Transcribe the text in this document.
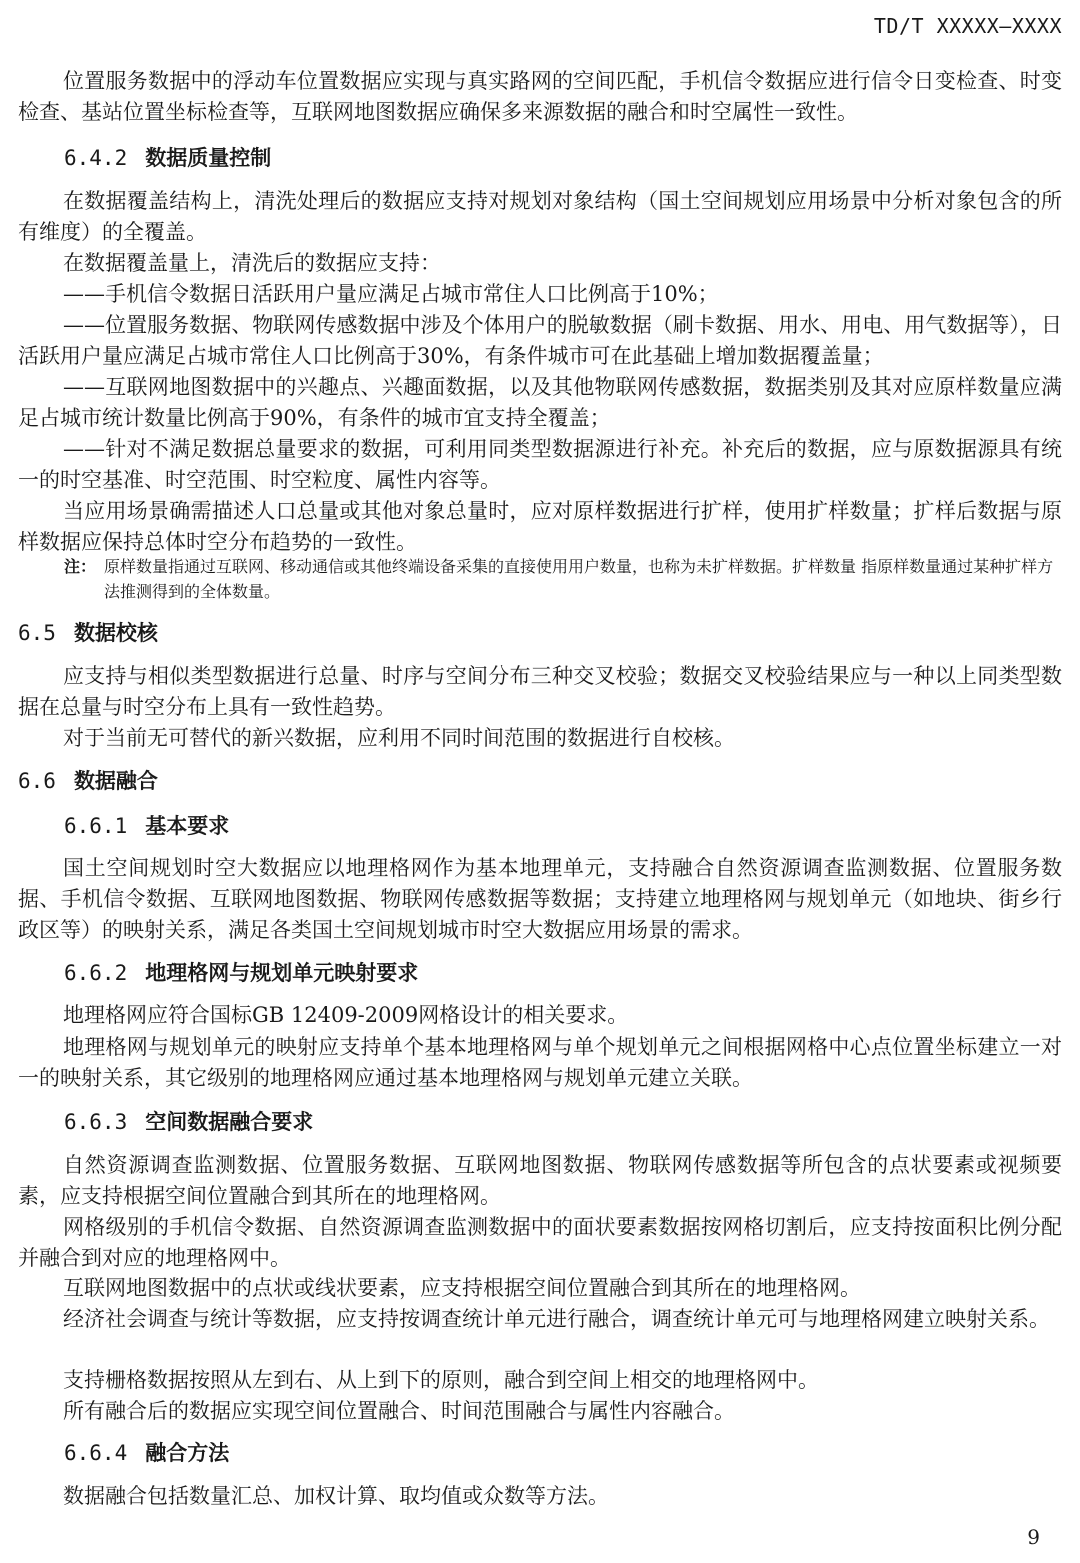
TD/T XXXXX—XXXX
位置服务数据中的浮动车位置数据应实现与真实路网的空间匹配，手机信令数据应进行信令日变检查、时变检查、基站位置坐标检查等，互联网地图数据应确保多来源数据的融合和时空属性一致性。
6.4.2 数据质量控制
在数据覆盖结构上，清洗处理后的数据应支持对规划对象结构（国土空间规划应用场景中分析对象包含的所有维度）的全覆盖。
在数据覆盖量上，清洗后的数据应支持：
——手机信令数据日活跃用户量应满足占城市常住人口比例高于10%；
——位置服务数据、物联网传感数据中涉及个体用户的脱敏数据（刷卡数据、用水、用电、用气数据等），日活跃用户量应满足占城市常住人口比例高于30%，有条件城市可在此基础上增加数据覆盖量；
——互联网地图数据中的兴趣点、兴趣面数据，以及其他物联网传感数据，数据类别及其对应原样数量应满足占城市统计数量比例高于90%，有条件的城市宜支持全覆盖；
——针对不满足数据总量要求的数据，可利用同类型数据源进行补充。补充后的数据，应与原数据源具有统一的时空基准、时空范围、时空粒度、属性内容等。
当应用场景确需描述人口总量或其他对象总量时，应对原样数据进行扩样，使用扩样数量；扩样后数据与原样数据应保持总体时空分布趋势的一致性。
注： 原样数量指通过互联网、移动通信或其他终端设备采集的直接使用用户数量，也称为未扩样数据。扩样数量 指原样数量通过某种扩样方法推测得到的全体数量。
6.5 数据校核
应支持与相似类型数据进行总量、时序与空间分布三种交叉校验；数据交叉校验结果应与一种以上同类型数据在总量与时空分布上具有一致性趋势。
对于当前无可替代的新兴数据，应利用不同时间范围的数据进行自校核。
6.6 数据融合
6.6.1 基本要求
国土空间规划时空大数据应以地理格网作为基本地理单元，支持融合自然资源调查监测数据、位置服务数据、手机信令数据、互联网地图数据、物联网传感数据等数据；支持建立地理格网与规划单元（如地块、街乡行政区等）的映射关系，满足各类国土空间规划城市时空大数据应用场景的需求。
6.6.2 地理格网与规划单元映射要求
地理格网应符合国标GB 12409-2009网格设计的相关要求。
地理格网与规划单元的映射应支持单个基本地理格网与单个规划单元之间根据网格中心点位置坐标建立一对一的映射关系，其它级别的地理格网应通过基本地理格网与规划单元建立关联。
6.6.3 空间数据融合要求
自然资源调查监测数据、位置服务数据、互联网地图数据、物联网传感数据等所包含的点状要素或视频要素，应支持根据空间位置融合到其所在的地理格网。
网格级别的手机信令数据、自然资源调查监测数据中的面状要素数据按网格切割后，应支持按面积比例分配并融合到对应的地理格网中。
互联网地图数据中的点状或线状要素，应支持根据空间位置融合到其所在的地理格网。
经济社会调查与统计等数据，应支持按调查统计单元进行融合，调查统计单元可与地理格网建立映射关系。
支持栅格数据按照从左到右、从上到下的原则，融合到空间上相交的地理格网中。
所有融合后的数据应实现空间位置融合、时间范围融合与属性内容融合。
6.6.4 融合方法
数据融合包括数量汇总、加权计算、取均值或众数等方法。
9
